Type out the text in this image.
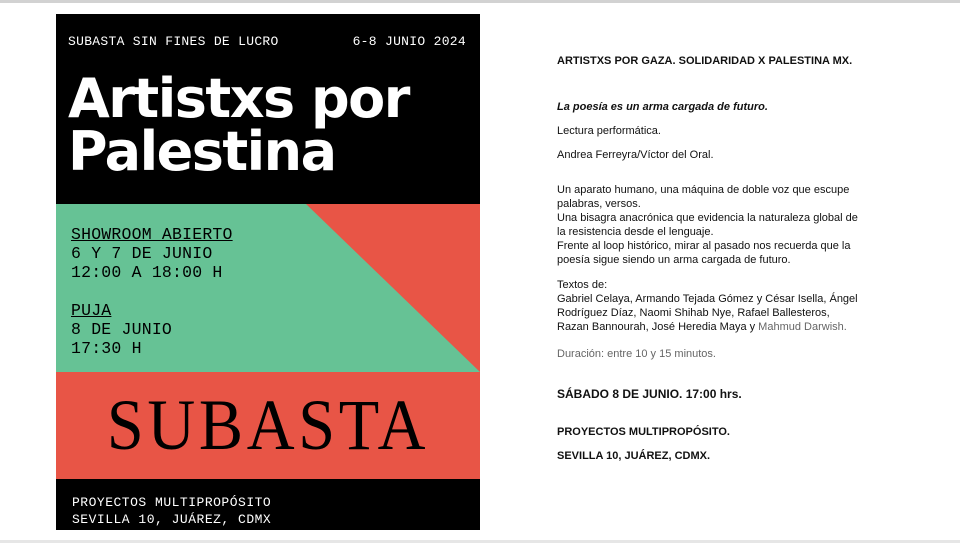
SUBASTA SIN FINES DE LUCRO	6-8 JUNIO 2024
Artistxs por
Palestina
SHOWROOM ABIERTO
6 Y 7 DE JUNIO
12:00 A 18:00 H
PUJA
8 DE JUNIO
17:30 H
SUBASTA
PROYECTOS MULTIPROPÓSITO
SEVILLA 10, JUÁREZ, CDMX

ARTISTXS POR GAZA. SOLIDARIDAD X PALESTINA MX.

La poesía es un arma cargada de futuro.

Lectura performática.

Andrea Ferreyra/Víctor del Oral.

Un aparato humano, una máquina de doble voz que escupe
palabras, versos.
Una bisagra anacrónica que evidencia la naturaleza global de
la resistencia desde el lenguaje.
Frente al loop histórico, mirar al pasado nos recuerda que la
poesía sigue siendo un arma cargada de futuro.
Textos de:
Gabriel Celaya, Armando Tejada Gómez y César Isella, Ángel
Rodríguez Díaz, Naomi Shihab Nye, Rafael Ballesteros,
Razan Bannourah, José Heredia Maya y Mahmud Darwish.

Duración: entre 10 y 15 minutos.

SÁBADO 8 DE JUNIO. 17:00 hrs.

PROYECTOS MULTIPROPÓSITO.

SEVILLA 10, JUÁREZ, CDMX.
